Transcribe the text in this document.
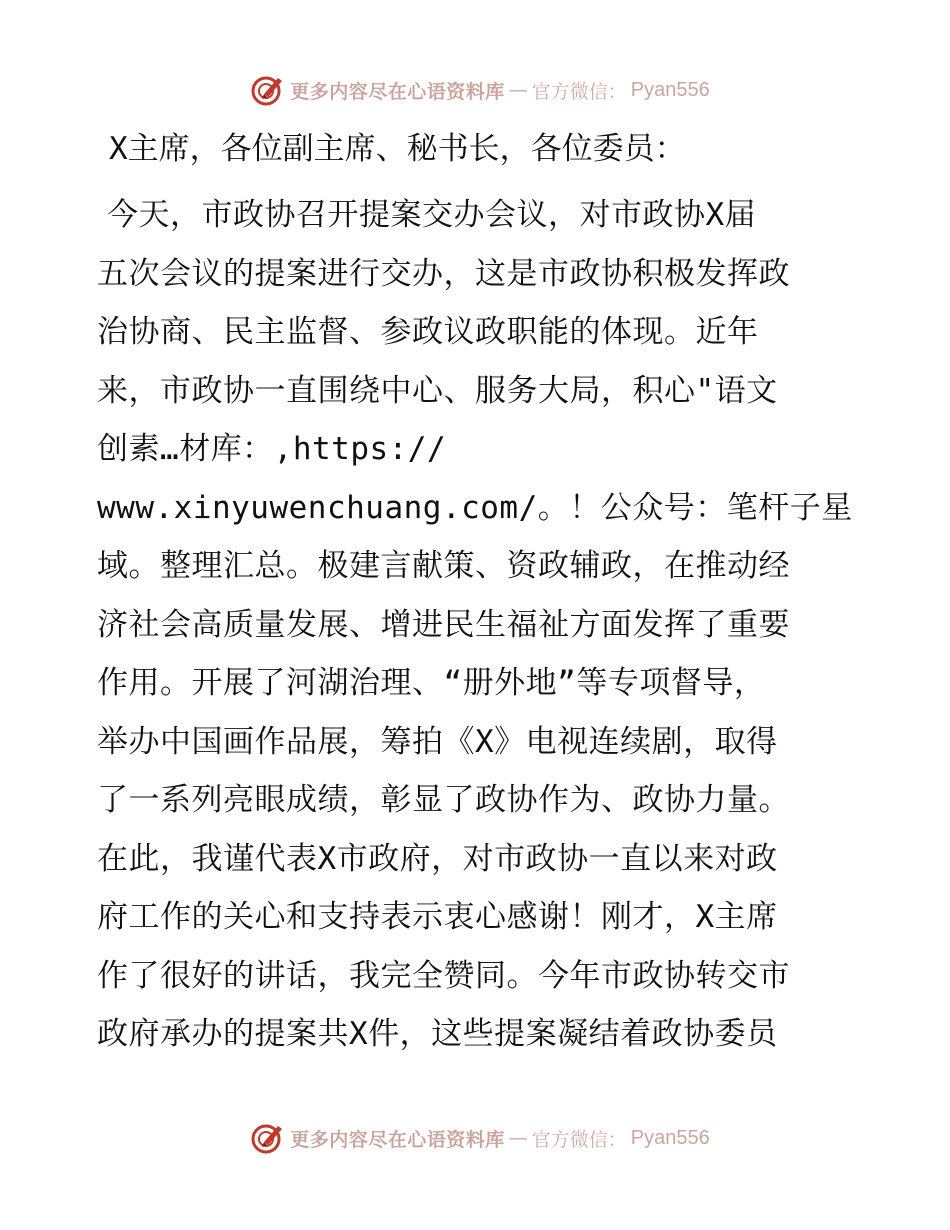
更多内容尽在心语资料库 — 官方微信： Pyan556

X主席，各位副主席、秘书长，各位委员：

今天，市政协召开提案交办会议，对市政协X届

五次会议的提案进行交办，这是市政协积极发挥政

治协商、民主监督、参政议政职能的体现。近年

来，市政协一直围绕中心、服务大局，积心"语文

创素…材库：,https://

www.xinyuwenchuang.com/。！公众号：笔杆子星

域。整理汇总。极建言献策、资政辅政，在推动经

济社会高质量发展、增进民生福祉方面发挥了重要

作用。开展了河湖治理、“册外地”等专项督导，

举办中国画作品展，筹拍《X》电视连续剧，取得

了一系列亮眼成绩，彰显了政协作为、政协力量。

在此，我谨代表X市政府，对市政协一直以来对政

府工作的关心和支持表示衷心感谢！刚才，X主席

作了很好的讲话，我完全赞同。今年市政协转交市

政府承办的提案共X件，这些提案凝结着政协委员

更多内容尽在心语资料库 — 官方微信： Pyan556
